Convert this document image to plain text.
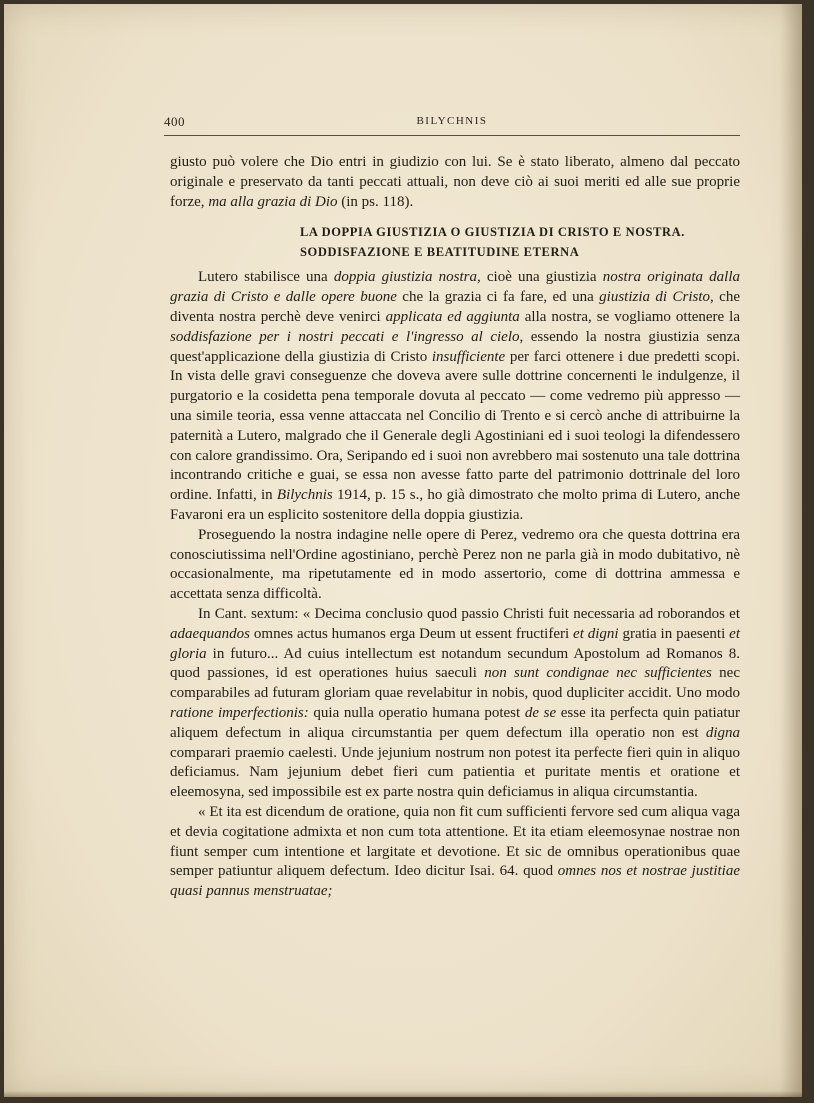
400	BILYCHNIS

giusto può volere che Dio entri in giudizio con lui. Se è stato liberato, almeno dal peccato originale e preservato da tanti peccati attuali, non deve ciò ai suoi meriti ed alle sue proprie forze, ma alla grazia di Dio (in ps. 118).

LA DOPPIA GIUSTIZIA O GIUSTIZIA DI CRISTO E NOSTRA.
SODDISFAZIONE E BEATITUDINE ETERNA

Lutero stabilisce una doppia giustizia nostra, cioè una giustizia nostra originata dalla grazia di Cristo e dalle opere buone che la grazia ci fa fare, ed una giustizia di Cristo, che diventa nostra perchè deve venirci applicata ed aggiunta alla nostra, se vogliamo ottenere la soddisfazione per i nostri peccati e l'ingresso al cielo, essendo la nostra giustizia senza quest'applicazione della giustizia di Cristo insufficiente per farci ottenere i due predetti scopi. In vista delle gravi conseguenze che doveva avere sulle dottrine concernenti le indulgenze, il purgatorio e la cosidetta pena temporale dovuta al peccato — come vedremo più appresso — una simile teoria, essa venne attaccata nel Concilio di Trento e si cercò anche di attribuirne la paternità a Lutero, malgrado che il Generale degli Agostiniani ed i suoi teologi la difendessero con calore grandissimo. Ora, Seripando ed i suoi non avrebbero mai sostenuto una tale dottrina incontrando critiche e guai, se essa non avesse fatto parte del patrimonio dottrinale del loro ordine. Infatti, in Bilychnis 1914, p. 15 s., ho già dimostrato che molto prima di Lutero, anche Favaroni era un esplicito sostenitore della doppia giustizia.

Proseguendo la nostra indagine nelle opere di Perez, vedremo ora che questa dottrina era conosciutissima nell'Ordine agostiniano, perchè Perez non ne parla già in modo dubitativo, nè occasionalmente, ma ripetutamente ed in modo assertorio, come di dottrina ammessa e accettata senza difficoltà.

In Cant. sextum: « Decima conclusio quod passio Christi fuit necessaria ad roborandos et adaequandos omnes actus humanos erga Deum ut essent fructiferi et digni gratia in paesenti et gloria in futuro... Ad cuius intellectum est notandum secundum Apostolum ad Romanos 8. quod passiones, id est operationes huius saeculi non sunt condignae nec sufficientes nec comparabiles ad futuram gloriam quae revelabitur in nobis, quod dupliciter accidit. Uno modo ratione imperfectionis: quia nulla operatio humana potest de se esse ita perfecta quin patiatur aliquem defectum in aliqua circumstantia per quem defectum illa operatio non est digna comparari praemio caelesti. Unde jejunium nostrum non potest ita perfecte fieri quin in aliquo deficiamus. Nam jejunium debet fieri cum patientia et puritate mentis et oratione et eleemosyna, sed impossibile est ex parte nostra quin deficiamus in aliqua circumstantia.

« Et ita est dicendum de oratione, quia non fit cum sufficienti fervore sed cum aliqua vaga et devia cogitatione admixta et non cum tota attentione. Et ita etiam eleemosynae nostrae non fiunt semper cum intentione et largitate et devotione. Et sic de omnibus operationibus quae semper patiuntur aliquem defectum. Ideo dicitur Isai. 64. quod omnes nos et nostrae justitiae quasi pannus menstruatae;
